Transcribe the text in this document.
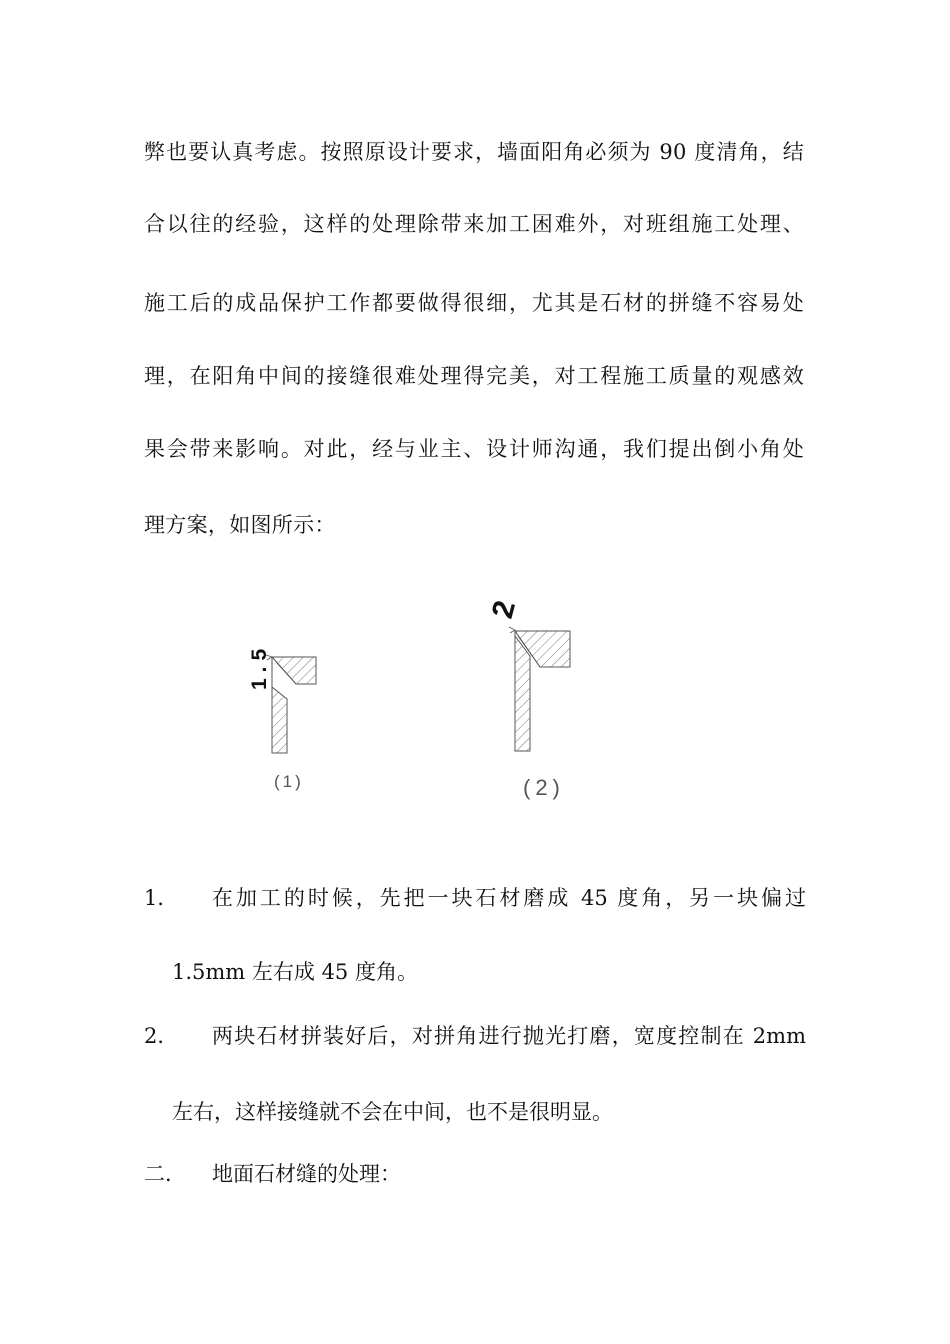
弊也要认真考虑。按照原设计要求，墙面阳角必须为 90 度清角，结
合以往的经验，这样的处理除带来加工困难外，对班组施工处理、
施工后的成品保护工作都要做得很细，尤其是石材的拼缝不容易处
理，在阳角中间的接缝很难处理得完美，对工程施工质量的观感效
果会带来影响。对此，经与业主、设计师沟通，我们提出倒小角处
理方案，如图所示：
1.5
(1)
2
(2)
1． 在加工的时候，先把一块石材磨成 45 度角，另一块偏过
1.5mm 左右成 45 度角。
2． 两块石材拼装好后，对拼角进行抛光打磨，宽度控制在 2mm
左右，这样接缝就不会在中间，也不是很明显。
二． 地面石材缝的处理：
